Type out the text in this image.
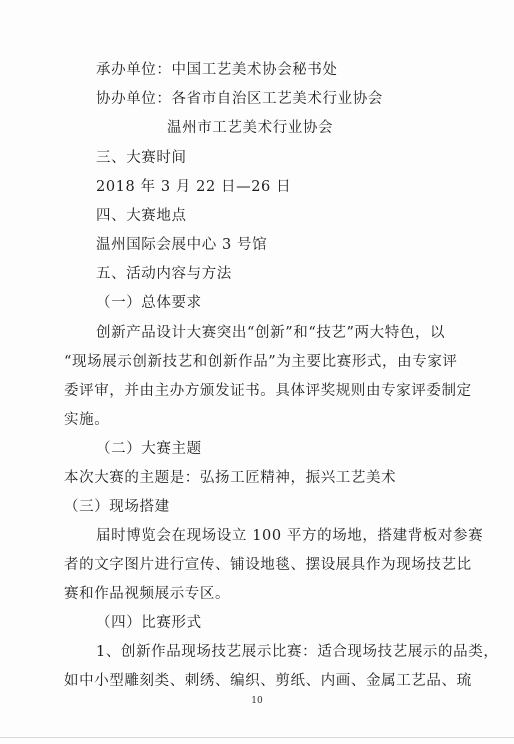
承办单位：中国工艺美术协会秘书处
协办单位：各省市自治区工艺美术行业协会
温州市工艺美术行业协会
三、大赛时间
2018 年 3 月 22 日—26 日
四、大赛地点
温州国际会展中心 3 号馆
五、活动内容与方法
（一）总体要求
创新产品设计大赛突出“创新”和“技艺”两大特色，以
“现场展示创新技艺和创新作品”为主要比赛形式，由专家评
委评审，并由主办方颁发证书。具体评奖规则由专家评委制定
实施。
（二）大赛主题
本次大赛的主题是：弘扬工匠精神，振兴工艺美术
（三）现场搭建
届时博览会在现场设立 100 平方的场地，搭建背板对参赛
者的文字图片进行宣传、铺设地毯、摆设展具作为现场技艺比
赛和作品视频展示专区。
（四）比赛形式
1、创新作品现场技艺展示比赛：适合现场技艺展示的品类，
如中小型雕刻类、刺绣、编织、剪纸、内画、金属工艺品、琉
10
